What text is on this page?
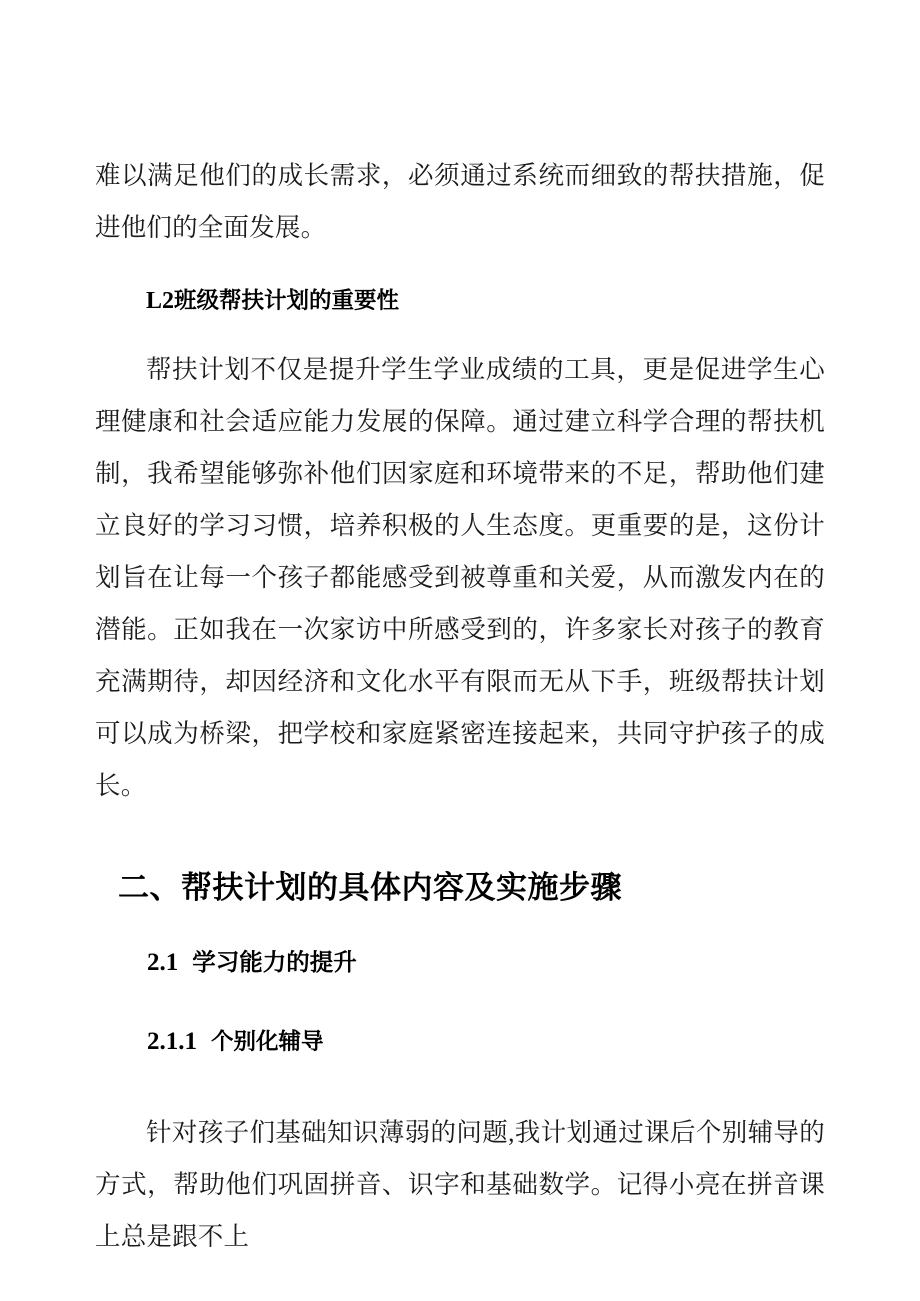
难以满足他们的成长需求，必须通过系统而细致的帮扶措施，促进他们的全面发展。

L2班级帮扶计划的重要性

帮扶计划不仅是提升学生学业成绩的工具，更是促进学生心理健康和社会适应能力发展的保障。通过建立科学合理的帮扶机制，我希望能够弥补他们因家庭和环境带来的不足，帮助他们建立良好的学习习惯，培养积极的人生态度。更重要的是，这份计划旨在让每一个孩子都能感受到被尊重和关爱，从而激发内在的潜能。正如我在一次家访中所感受到的，许多家长对孩子的教育充满期待，却因经济和文化水平有限而无从下手，班级帮扶计划可以成为桥梁，把学校和家庭紧密连接起来，共同守护孩子的成长。

二、帮扶计划的具体内容及实施步骤
2.1 学习能力的提升
2.1.1 个别化辅导

针对孩子们基础知识薄弱的问题,我计划通过课后个别辅导的方式，帮助他们巩固拼音、识字和基础数学。记得小亮在拼音课上总是跟不上
